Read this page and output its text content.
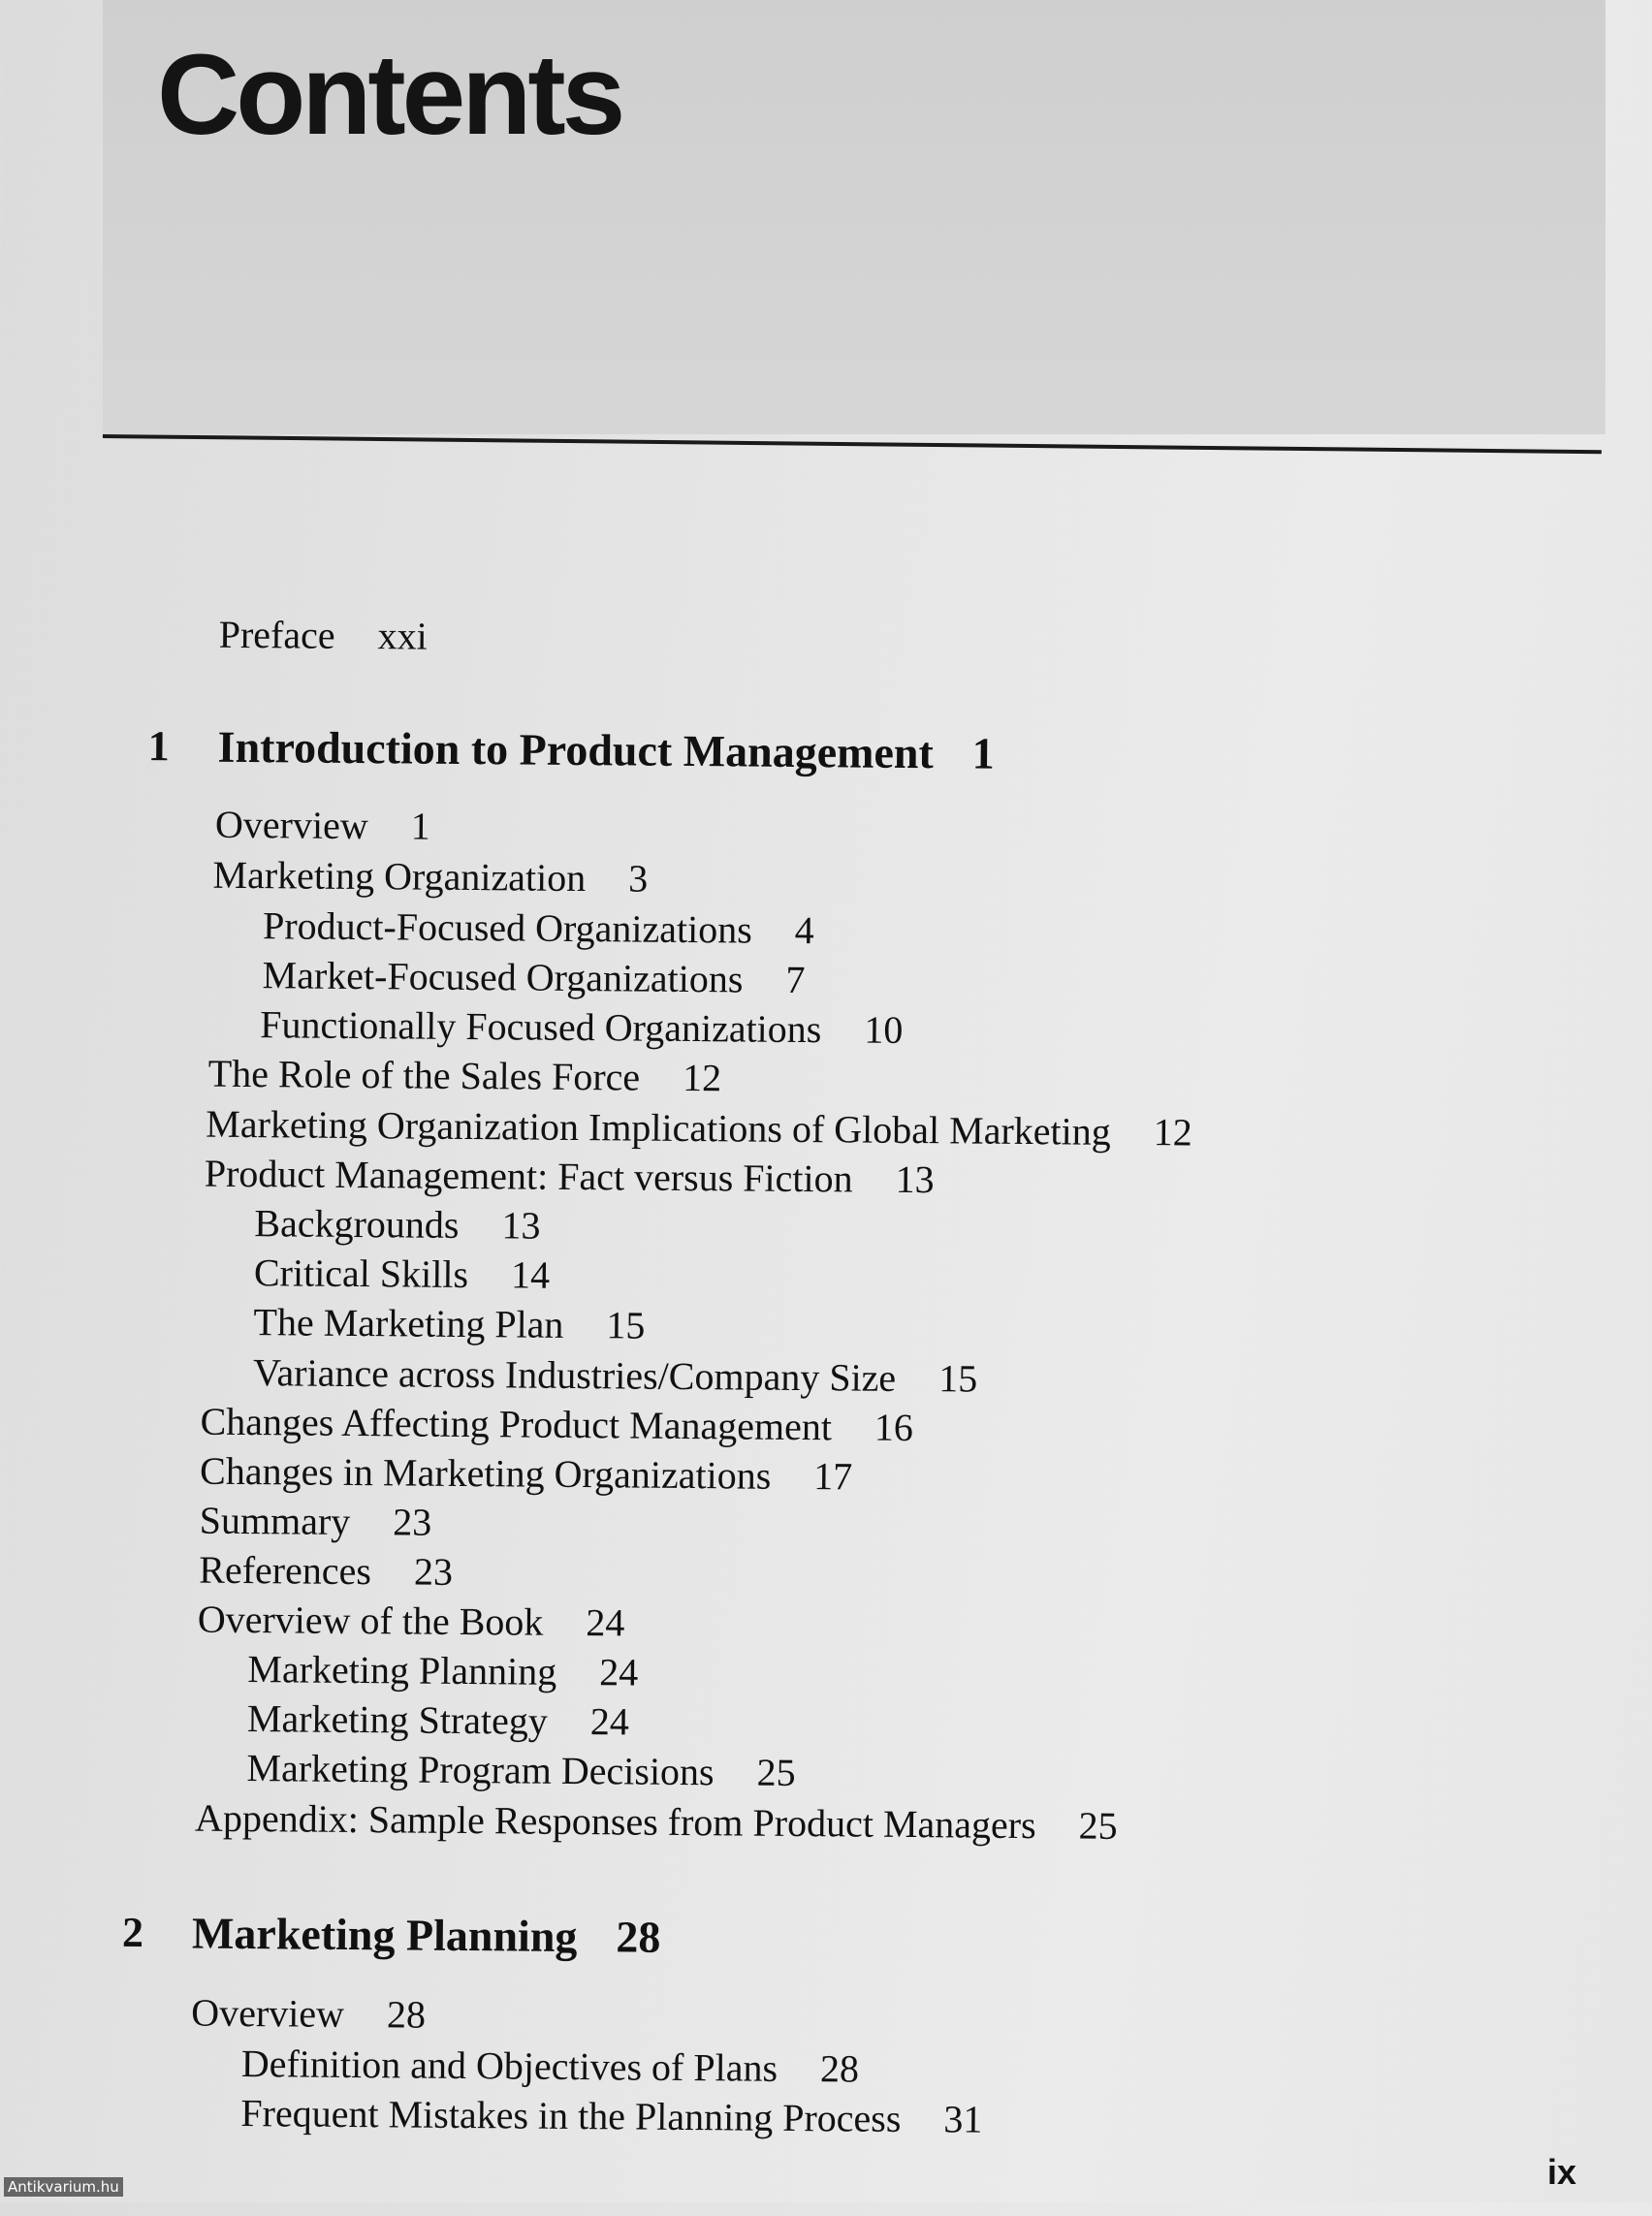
Contents
Preface xxi
1 Introduction to Product Management 1
Overview 1
Marketing Organization 3
Product-Focused Organizations 4
Market-Focused Organizations 7
Functionally Focused Organizations 10
The Role of the Sales Force 12
Marketing Organization Implications of Global Marketing 12
Product Management: Fact versus Fiction 13
Backgrounds 13
Critical Skills 14
The Marketing Plan 15
Variance across Industries/Company Size 15
Changes Affecting Product Management 16
Changes in Marketing Organizations 17
Summary 23
References 23
Overview of the Book 24
Marketing Planning 24
Marketing Strategy 24
Marketing Program Decisions 25
Appendix: Sample Responses from Product Managers 25
2 Marketing Planning 28
Overview 28
Definition and Objectives of Plans 28
Frequent Mistakes in the Planning Process 31
ix
Antikvarium.hu
